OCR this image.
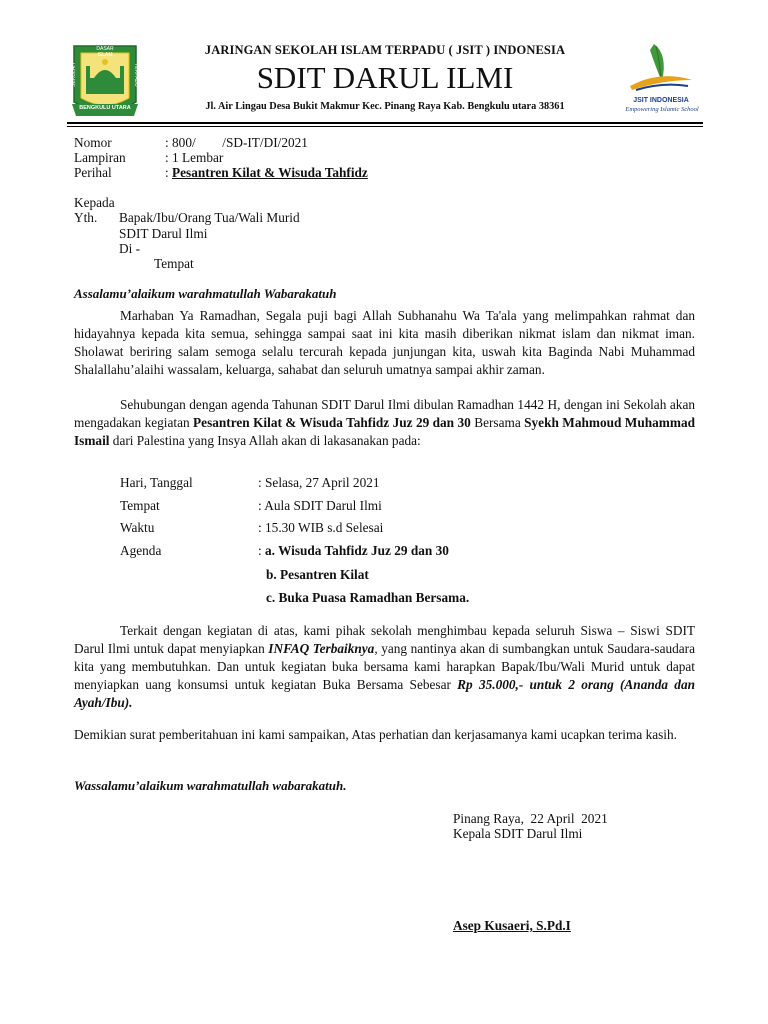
BENGKULU UTARA
DASAR ISLAM
SEKOLAH	TERPADU
JARINGAN SEKOLAH ISLAM TERPADU ( JSIT ) INDONESIA
SDIT DARUL ILMI
Jl. Air Lingau Desa Bukit Makmur Kec. Pinang Raya Kab. Bengkulu utara 38361
JSIT INDONESIA
Empowering Islamic School
Nomor	: 800/        /SD-IT/DI/2021
Lampiran	: 1 Lembar
Perihal	: Pesantren Kilat & Wisuda Tahfidz
Kepada
Yth. Bapak/Ibu/Orang Tua/Wali Murid
SDIT Darul Ilmi
Di -
Tempat
Assalamu’alaikum warahmatullah Wabarakatuh

Marhaban Ya Ramadhan, Segala puji bagi Allah Subhanahu Wa Ta'ala yang melimpahkan rahmat dan hidayahnya kepada kita semua, sehingga sampai saat ini kita masih diberikan nikmat islam dan nikmat iman. Sholawat beriring salam semoga selalu tercurah kepada junjungan kita, uswah kita Baginda Nabi Muhammad Shalallahu’alaihi wassalam, keluarga, sahabat dan seluruh umatnya sampai akhir zaman.

Sehubungan dengan agenda Tahunan SDIT Darul Ilmi dibulan Ramadhan 1442 H, dengan ini Sekolah akan mengadakan kegiatan Pesantren Kilat & Wisuda Tahfidz Juz 29 dan 30 Bersama Syekh Mahmoud Muhammad Ismail dari Palestina yang Insya Allah akan di lakasanakan pada:

Hari, Tanggal	: Selasa, 27 April 2021
Tempat	: Aula SDIT Darul Ilmi
Waktu	: 15.30 WIB s.d Selesai
Agenda	: a. Wisuda Tahfidz Juz 29 dan 30
b. Pesantren Kilat
c. Buka Puasa Ramadhan Bersama.

Terkait dengan kegiatan di atas, kami pihak sekolah menghimbau kepada seluruh Siswa – Siswi SDIT Darul Ilmi untuk dapat menyiapkan INFAQ Terbaiknya, yang nantinya akan di sumbangkan untuk Saudara-saudara kita yang membutuhkan. Dan untuk kegiatan buka bersama kami harapkan Bapak/Ibu/Wali Murid untuk dapat menyiapkan uang konsumsi untuk kegiatan Buka Bersama Sebesar Rp 35.000,- untuk 2 orang (Ananda dan Ayah/Ibu).

Demikian surat pemberitahuan ini kami sampaikan, Atas perhatian dan kerjasamanya kami ucapkan terima kasih.

Wassalamu’alaikum warahmatullah wabarakatuh.
Pinang Raya,  22 April  2021
Kepala SDIT Darul Ilmi
Asep Kusaeri, S.Pd.I
